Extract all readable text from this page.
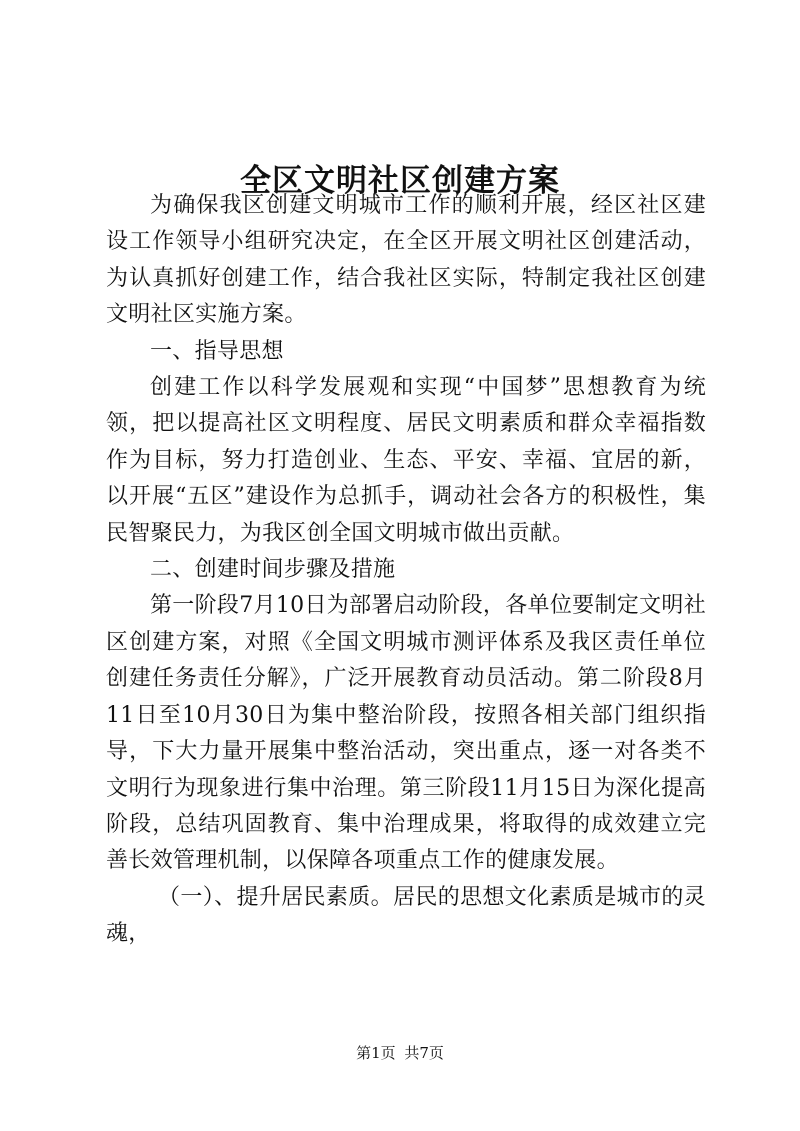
全区文明社区创建方案

为确保我区创建文明城市工作的顺利开展，经区社区建设工作领导小组研究决定，在全区开展文明社区创建活动，为认真抓好创建工作，结合我社区实际，特制定我社区创建文明社区实施方案。

一、指导思想

创建工作以科学发展观和实现“中国梦”思想教育为统领，把以提高社区文明程度、居民文明素质和群众幸福指数作为目标，努力打造创业、生态、平安、幸福、宜居的新，以开展“五区”建设作为总抓手，调动社会各方的积极性，集民智聚民力，为我区创全国文明城市做出贡献。

二、创建时间步骤及措施

第一阶段7月10日为部署启动阶段，各单位要制定文明社区创建方案，对照《全国文明城市测评体系及我区责任单位创建任务责任分解》，广泛开展教育动员活动。第二阶段8月11日至10月30日为集中整治阶段，按照各相关部门组织指导，下大力量开展集中整治活动，突出重点，逐一对各类不文明行为现象进行集中治理。第三阶段11月15日为深化提高阶段，总结巩固教育、集中治理成果，将取得的成效建立完善长效管理机制，以保障各项重点工作的健康发展。

（一）、提升居民素质。居民的思想文化素质是城市的灵魂，

第1页 共7页
